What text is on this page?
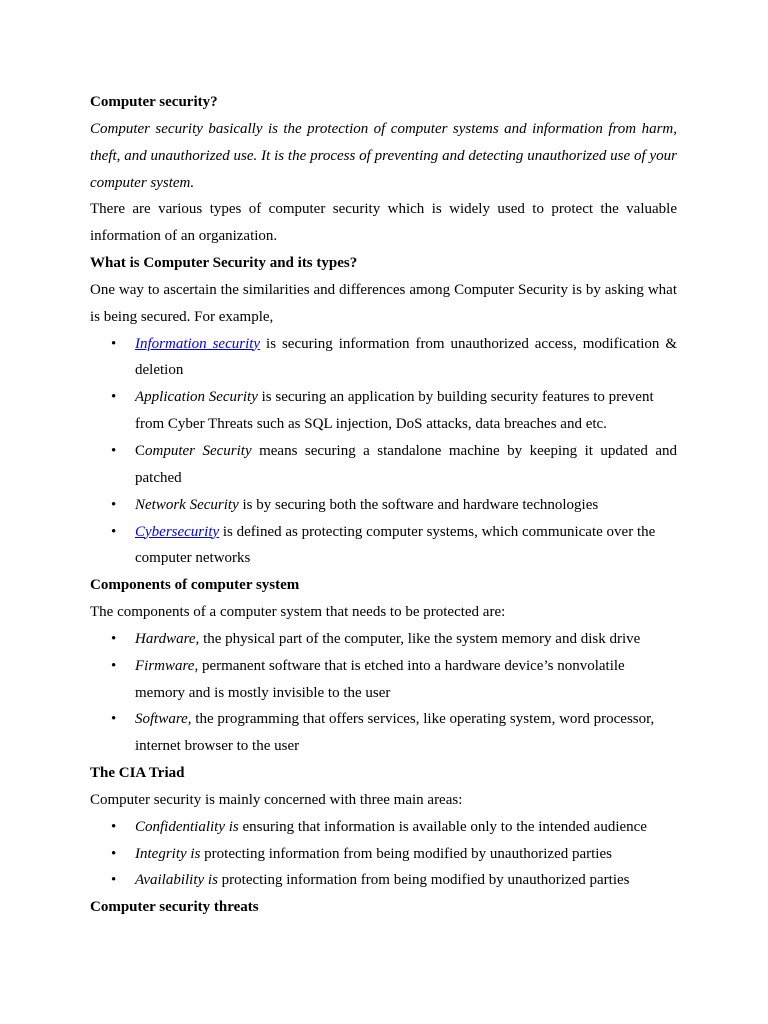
Computer security?

Computer security basically is the protection of computer systems and information from harm, theft, and unauthorized use. It is the process of preventing and detecting unauthorized use of your computer system.

There are various types of computer security which is widely used to protect the valuable information of an organization.

What is Computer Security and its types?

One way to ascertain the similarities and differences among Computer Security is by asking what is being secured. For example,

• Information security is securing information from unauthorized access, modification & deletion
• Application Security is securing an application by building security features to prevent from Cyber Threats such as SQL injection, DoS attacks, data breaches and etc.
• Computer Security means securing a standalone machine by keeping it updated and patched
• Network Security is by securing both the software and hardware technologies
• Cybersecurity is defined as protecting computer systems, which communicate over the computer networks

Components of computer system

The components of a computer system that needs to be protected are:

• Hardware, the physical part of the computer, like the system memory and disk drive
• Firmware, permanent software that is etched into a hardware device’s nonvolatile memory and is mostly invisible to the user
• Software, the programming that offers services, like operating system, word processor, internet browser to the user

The CIA Triad

Computer security is mainly concerned with three main areas:

• Confidentiality is ensuring that information is available only to the intended audience
• Integrity is protecting information from being modified by unauthorized parties
• Availability is protecting information from being modified by unauthorized parties

Computer security threats
